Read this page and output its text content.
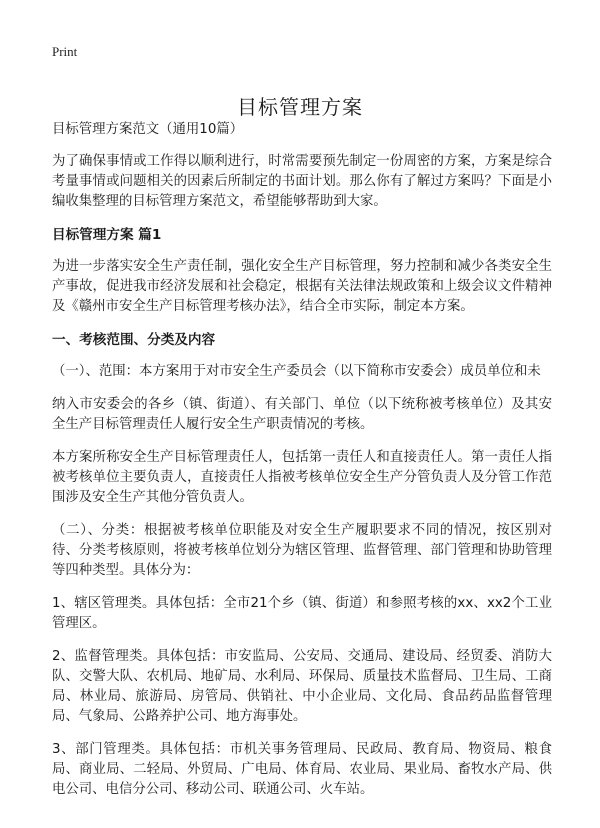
Print
目标管理方案

目标管理方案范文（通用10篇）

为了确保事情或工作得以顺利进行，时常需要预先制定一份周密的方案，方案是综合考量事情或问题相关的因素后所制定的书面计划。那么你有了解过方案吗？下面是小编收集整理的目标管理方案范文，希望能够帮助到大家。

目标管理方案 篇1

为进一步落实安全生产责任制，强化安全生产目标管理，努力控制和减少各类安全生产事故，促进我市经济发展和社会稳定，根据有关法律法规政策和上级会议文件精神及《赣州市安全生产目标管理考核办法》，结合全市实际，制定本方案。

一、考核范围、分类及内容

（一）、范围：本方案用于对市安全生产委员会（以下简称市安委会）成员单位和未

纳入市安委会的各乡（镇、街道）、有关部门、单位（以下统称被考核单位）及其安全生产目标管理责任人履行安全生产职责情况的考核。

本方案所称安全生产目标管理责任人，包括第一责任人和直接责任人。第一责任人指被考核单位主要负责人，直接责任人指被考核单位安全生产分管负责人及分管工作范围涉及安全生产其他分管负责人。

（二）、分类：根据被考核单位职能及对安全生产履职要求不同的情况，按区别对待、分类考核原则，将被考核单位划分为辖区管理、监督管理、部门管理和协助管理等四种类型。具体分为：

1、辖区管理类。具体包括：全市21个乡（镇、街道）和参照考核的xx、xx2个工业管理区。

2、监督管理类。具体包括：市安监局、公安局、交通局、建设局、经贸委、消防大队、交警大队、农机局、地矿局、水利局、环保局、质量技术监督局、卫生局、工商局、林业局、旅游局、房管局、供销社、中小企业局、文化局、食品药品监督管理局、气象局、公路养护公司、地方海事处。

3、部门管理类。具体包括：市机关事务管理局、民政局、教育局、物资局、粮食局、商业局、二轻局、外贸局、广电局、体育局、农业局、果业局、畜牧水产局、供电公司、电信分公司、移动公司、联通公司、火车站。
